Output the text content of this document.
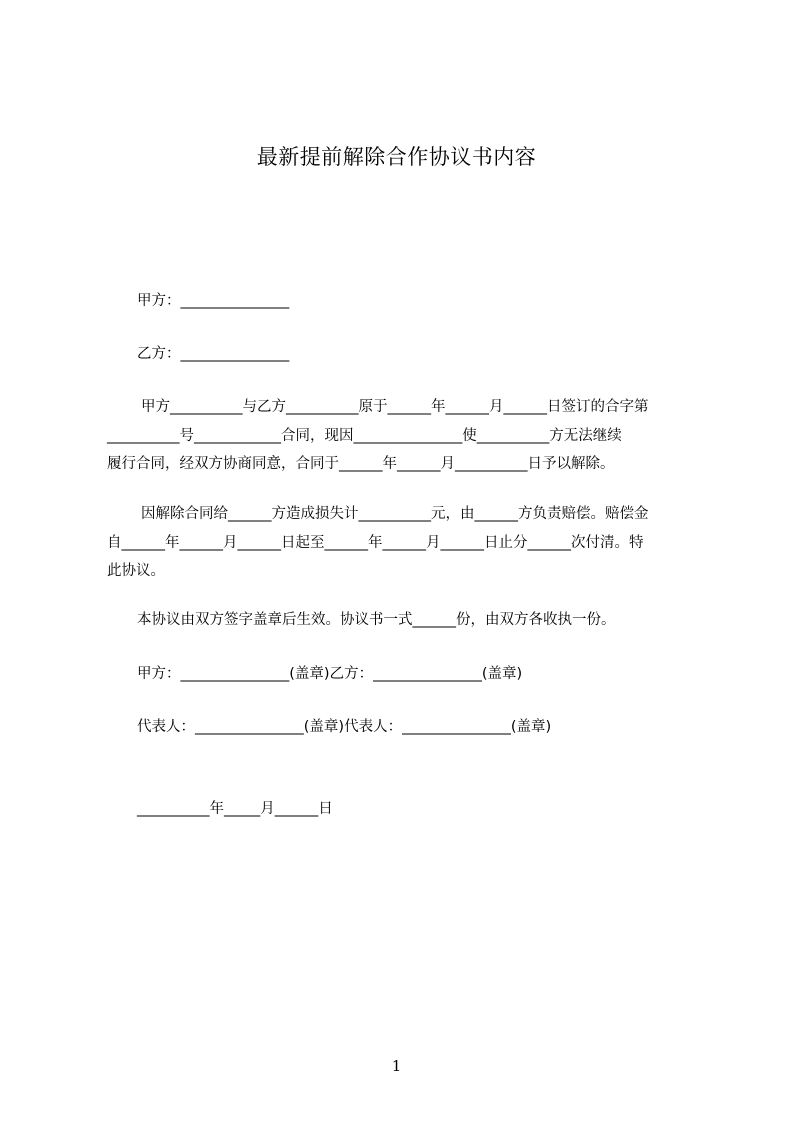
最新提前解除合作协议书内容
甲方：_______________
乙方：_______________
甲方__________与乙方__________原于______年______月______日签订的合字第
__________号____________合同，现因_______________使__________方无法继续
履行合同，经双方协商同意，合同于______年______月__________日予以解除。
因解除合同给______方造成损失计__________元，由______方负责赔偿。赔偿金
自______年______月______日起至______年______月______日止分______次付清。特
此协议。
本协议由双方签字盖章后生效。协议书一式______份，由双方各收执一份。
甲方：_______________(盖章)乙方：_______________(盖章)
代表人：_______________(盖章)代表人：_______________(盖章)
__________年_____月______日
1
